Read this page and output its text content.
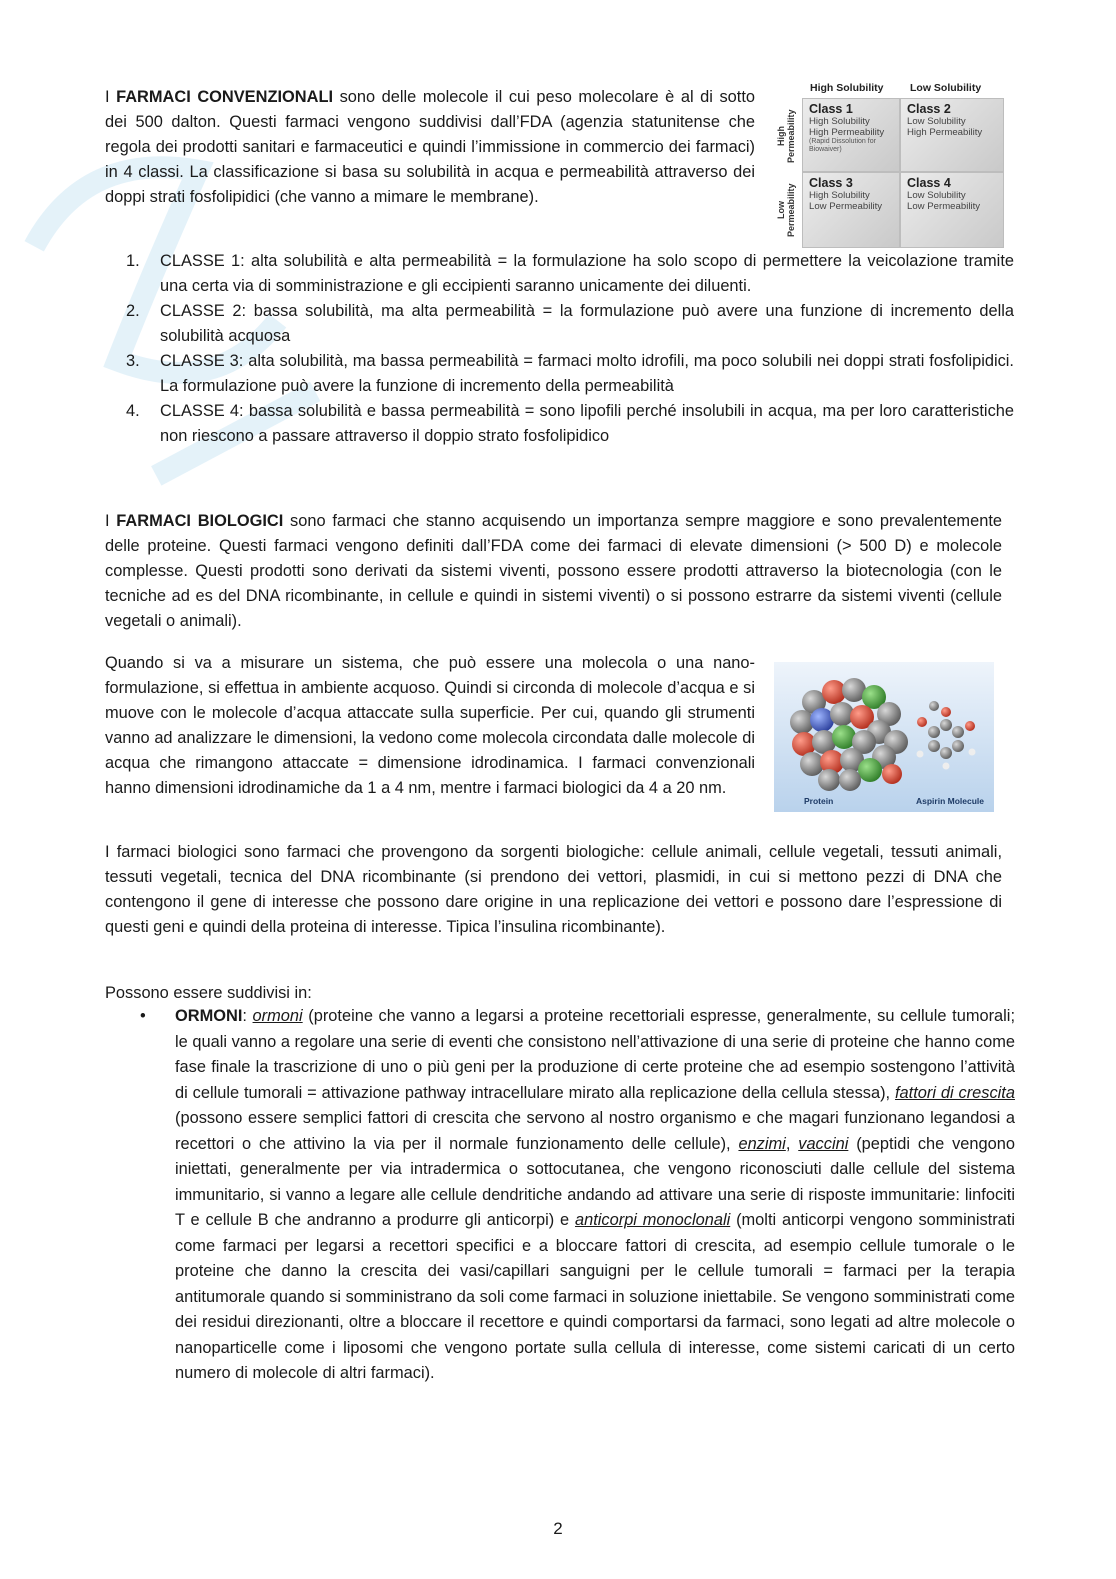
I FARMACI CONVENZIONALI sono delle molecole il cui peso molecolare è al di sotto dei 500 dalton. Questi farmaci vengono suddivisi dall’FDA (agenzia statunitense che regola dei prodotti sanitari e farmaceutici e quindi l’immissione in commercio dei farmaci) in 4 classi. La classificazione si basa su solubilità in acqua e permeabilità attraverso dei doppi strati fosfolipidici (che vanno a mimare le membrane).

High Solubility	Low Solubility
High Permeability
Low Permeability
Class 1
High Solubility
High Permeability
(Rapid Dissolution for Biowaiver)
Class 2
Low Solubility
High Permeability
Class 3
High Solubility
Low Permeability
Class 4
Low Solubility
Low Permeability
1. CLASSE 1: alta solubilità e alta permeabilità = la formulazione ha solo scopo di permettere la veicolazione tramite una certa via di somministrazione e gli eccipienti saranno unicamente dei diluenti.
2. CLASSE 2: bassa solubilità, ma alta permeabilità = la formulazione può avere una funzione di incremento della solubilità acquosa
3. CLASSE 3: alta solubilità, ma bassa permeabilità = farmaci molto idrofili, ma poco solubili nei doppi strati fosfolipidici. La formulazione può avere la funzione di incremento della permeabilità
4. CLASSE 4: bassa solubilità e bassa permeabilità = sono lipofili perché insolubili in acqua, ma per loro caratteristiche non riescono a passare attraverso il doppio strato fosfolipidico

I FARMACI BIOLOGICI sono farmaci che stanno acquisendo un importanza sempre maggiore e sono prevalentemente delle proteine. Questi farmaci vengono definiti dall’FDA come dei farmaci di elevate dimensioni (> 500 D) e molecole complesse. Questi prodotti sono derivati da sistemi viventi, possono essere prodotti attraverso la biotecnologia (con le tecniche ad es del DNA ricombinante, in cellule e quindi in sistemi viventi) o si possono estrarre da sistemi viventi (cellule vegetali o animali).

Quando si va a misurare un sistema, che può essere una molecola o una nano-formulazione, si effettua in ambiente acquoso. Quindi si circonda di molecole d’acqua e si muove con le molecole d’acqua attaccate sulla superficie. Per cui, quando gli strumenti vanno ad analizzare le dimensioni, la vedono come molecola circondata dalle molecole di acqua che rimangono attaccate = dimensione idrodinamica. I farmaci convenzionali hanno dimensioni idrodinamiche da 1 a 4 nm, mentre i farmaci biologici da 4 a 20 nm.

Protein	Aspirin Molecule

I farmaci biologici sono farmaci che provengono da sorgenti biologiche: cellule animali, cellule vegetali, tessuti animali, tessuti vegetali, tecnica del DNA ricombinante (si prendono dei vettori, plasmidi, in cui si mettono pezzi di DNA che contengono il gene di interesse che possono dare origine in una replicazione dei vettori e possono dare l’espressione di questi geni e quindi della proteina di interesse. Tipica l’insulina ricombinante).

Possono essere suddivisi in:

• ORMONI: ormoni (proteine che vanno a legarsi a proteine recettoriali espresse, generalmente, su cellule tumorali; le quali vanno a regolare una serie di eventi che consistono nell’attivazione di una serie di proteine che hanno come fase finale la trascrizione di uno o più geni per la produzione di certe proteine che ad esempio sostengono l’attività di cellule tumorali = attivazione pathway intracellulare mirato alla replicazione della cellula stessa), fattori di crescita (possono essere semplici fattori di crescita che servono al nostro organismo e che magari funzionano legandosi a recettori o che attivino la via per il normale funzionamento delle cellule), enzimi, vaccini (peptidi che vengono iniettati, generalmente per via intradermica o sottocutanea, che vengono riconosciuti dalle cellule del sistema immunitario, si vanno a legare alle cellule dendritiche andando ad attivare una serie di risposte immunitarie: linfociti T e cellule B che andranno a produrre gli anticorpi) e anticorpi monoclonali (molti anticorpi vengono somministrati come farmaci per legarsi a recettori specifici e a bloccare fattori di crescita, ad esempio cellule tumorale o le proteine che danno la crescita dei vasi/capillari sanguigni per le cellule tumorali = farmaci per la terapia antitumorale quando si somministrano da soli come farmaci in soluzione iniettabile. Se vengono somministrati come dei residui direzionanti, oltre a bloccare il recettore e quindi comportarsi da farmaci, sono legati ad altre molecole o nanoparticelle come i liposomi che vengono portate sulla cellula di interesse, come sistemi caricati di un certo numero di molecole di altri farmaci).
2
